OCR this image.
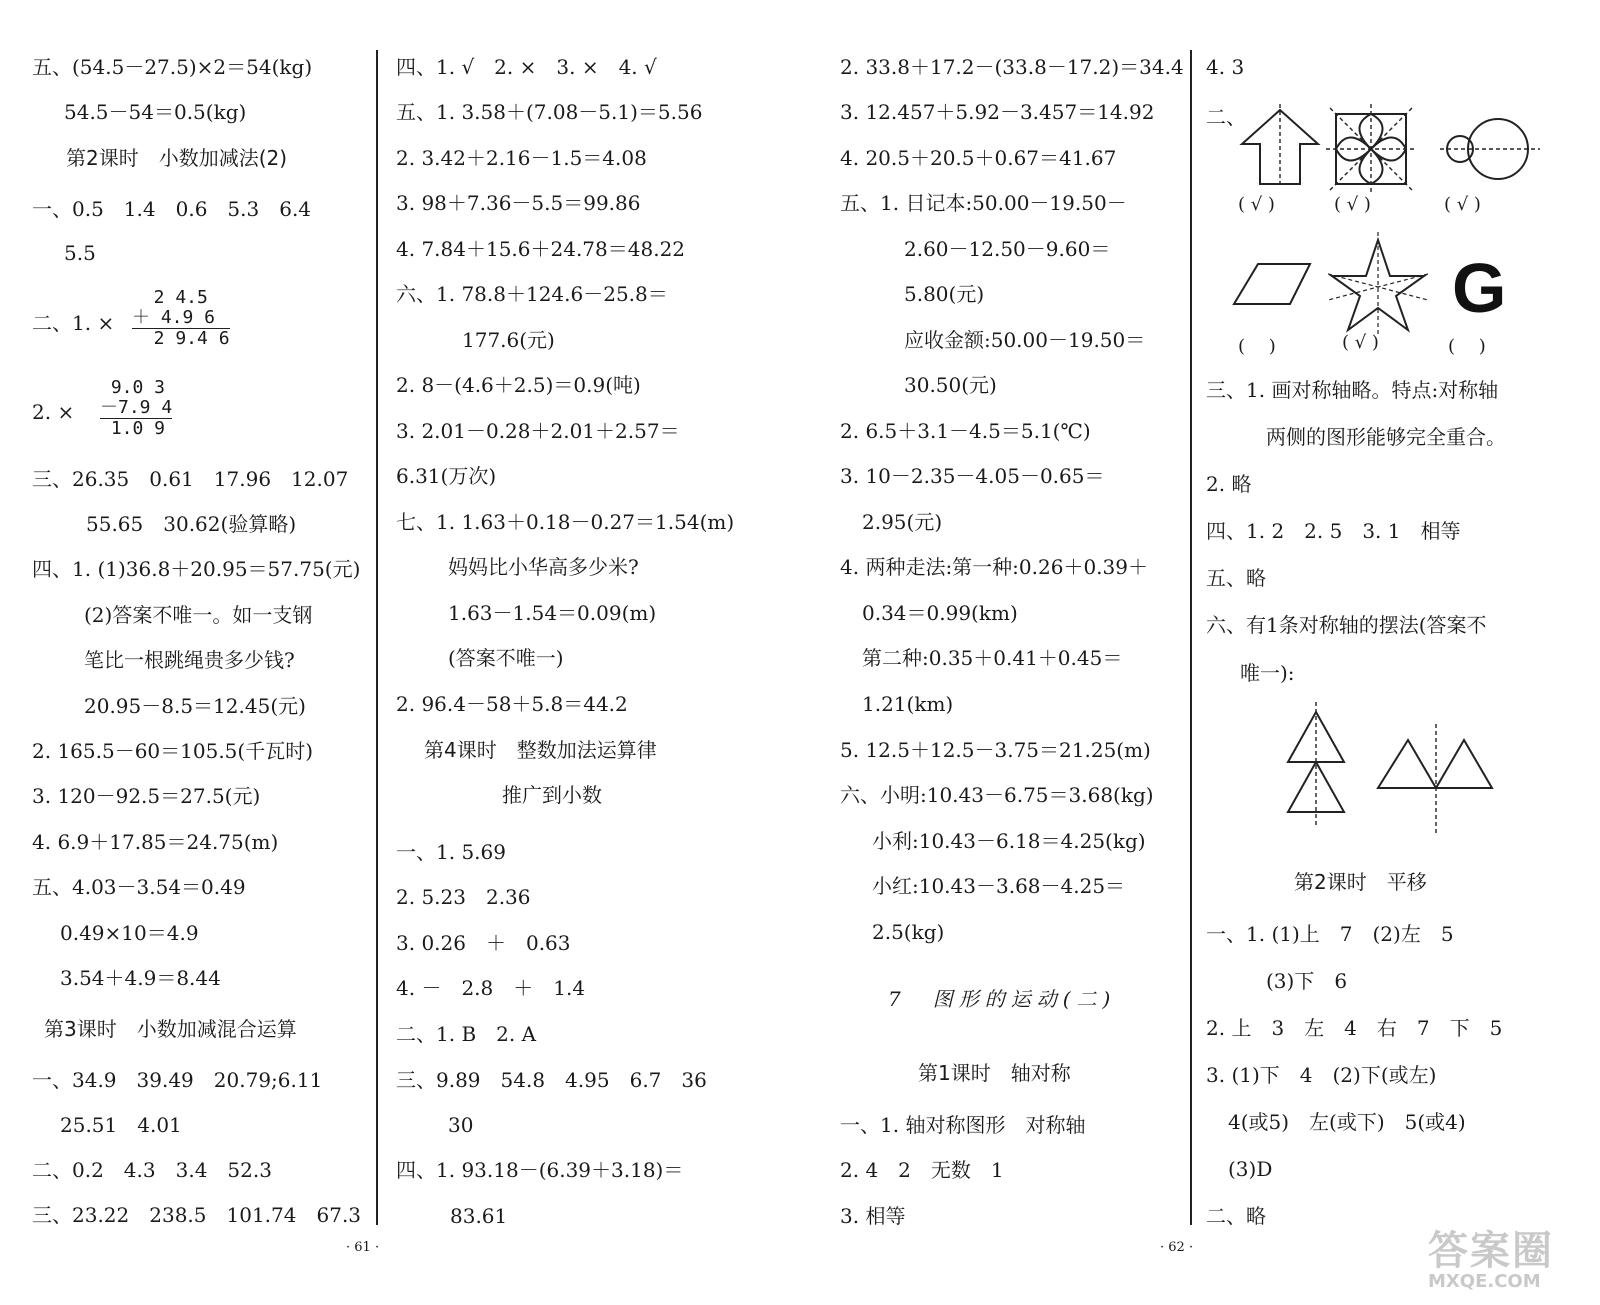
五、(54.5－27.5)×2＝54(kg)
54.5－54＝0.5(kg)
第2课时　小数加减法(2)
一、0.5　1.4　0.6　5.3　6.4
5.5
二、1. ×
2 4.5
＋ 4.9 6
2 9.4 6
2. ×
9.0 3
－7.9 4
1.0 9
三、26.35　0.61　17.96　12.07
55.65　30.62(验算略)
四、1. (1)36.8＋20.95＝57.75(元)
(2)答案不唯一。如一支钢
笔比一根跳绳贵多少钱?
20.95－8.5＝12.45(元)
2. 165.5－60＝105.5(千瓦时)
3. 120－92.5＝27.5(元)
4. 6.9＋17.85＝24.75(m)
五、4.03－3.54＝0.49
0.49×10＝4.9
3.54＋4.9＝8.44
第3课时　小数加减混合运算
一、34.9　39.49　20.79;6.11
25.51　4.01
二、0.2　4.3　3.4　52.3
三、23.22　238.5　101.74　67.3
四、1. √　2. ×　3. ×　4. √
五、1. 3.58＋(7.08－5.1)＝5.56
2. 3.42＋2.16－1.5＝4.08
3. 98＋7.36－5.5＝99.86
4. 7.84＋15.6＋24.78＝48.22
六、1. 78.8＋124.6－25.8＝
177.6(元)
2. 8－(4.6＋2.5)＝0.9(吨)
3. 2.01－0.28＋2.01＋2.57＝
6.31(万次)
七、1. 1.63＋0.18－0.27＝1.54(m)
妈妈比小华高多少米?
1.63－1.54＝0.09(m)
(答案不唯一)
2. 96.4－58＋5.8＝44.2
第4课时　整数加法运算律
推广到小数
一、1. 5.69
2. 5.23　2.36
3. 0.26　＋　0.63
4. －　2.8　＋　1.4
二、1. B　2. A
三、9.89　54.8　4.95　6.7　36
30
四、1. 93.18－(6.39＋3.18)＝
83.61
2. 33.8＋17.2－(33.8－17.2)＝34.4
3. 12.457＋5.92－3.457＝14.92
4. 20.5＋20.5＋0.67＝41.67
五、1. 日记本:50.00－19.50－
2.60－12.50－9.60＝
5.80(元)
应收金额:50.00－19.50＝
30.50(元)
2. 6.5＋3.1－4.5＝5.1(℃)
3. 10－2.35－4.05－0.65＝
2.95(元)
4. 两种走法:第一种:0.26＋0.39＋
0.34＝0.99(km)
第二种:0.35＋0.41＋0.45＝
1.21(km)
5. 12.5＋12.5－3.75＝21.25(m)
六、小明:10.43－6.75＝3.68(kg)
小利:10.43－6.18＝4.25(kg)
小红:10.43－3.68－4.25＝
2.5(kg)
7　图形的运动(二)
第1课时　轴对称
一、1. 轴对称图形　对称轴
2. 4　2　无数　1
3. 相等
4. 3
二、
G
( √ )	( √ )	( √ )
(　 )	( √ )	(　 )
三、1. 画对称轴略。特点:对称轴
两侧的图形能够完全重合。
2. 略
四、1. 2　2. 5　3. 1　相等
五、略
六、有1条对称轴的摆法(答案不
唯一):
第2课时　平移
一、1. (1)上　7　(2)左　5
(3)下　6
2. 上　3　左　4　右　7　下　5
3. (1)下　4　(2)下(或左)
4(或5)　左(或下)　5(或4)
(3)D
二、略
· 61 ·	· 62 ·	答案圈
MXQE.COM
